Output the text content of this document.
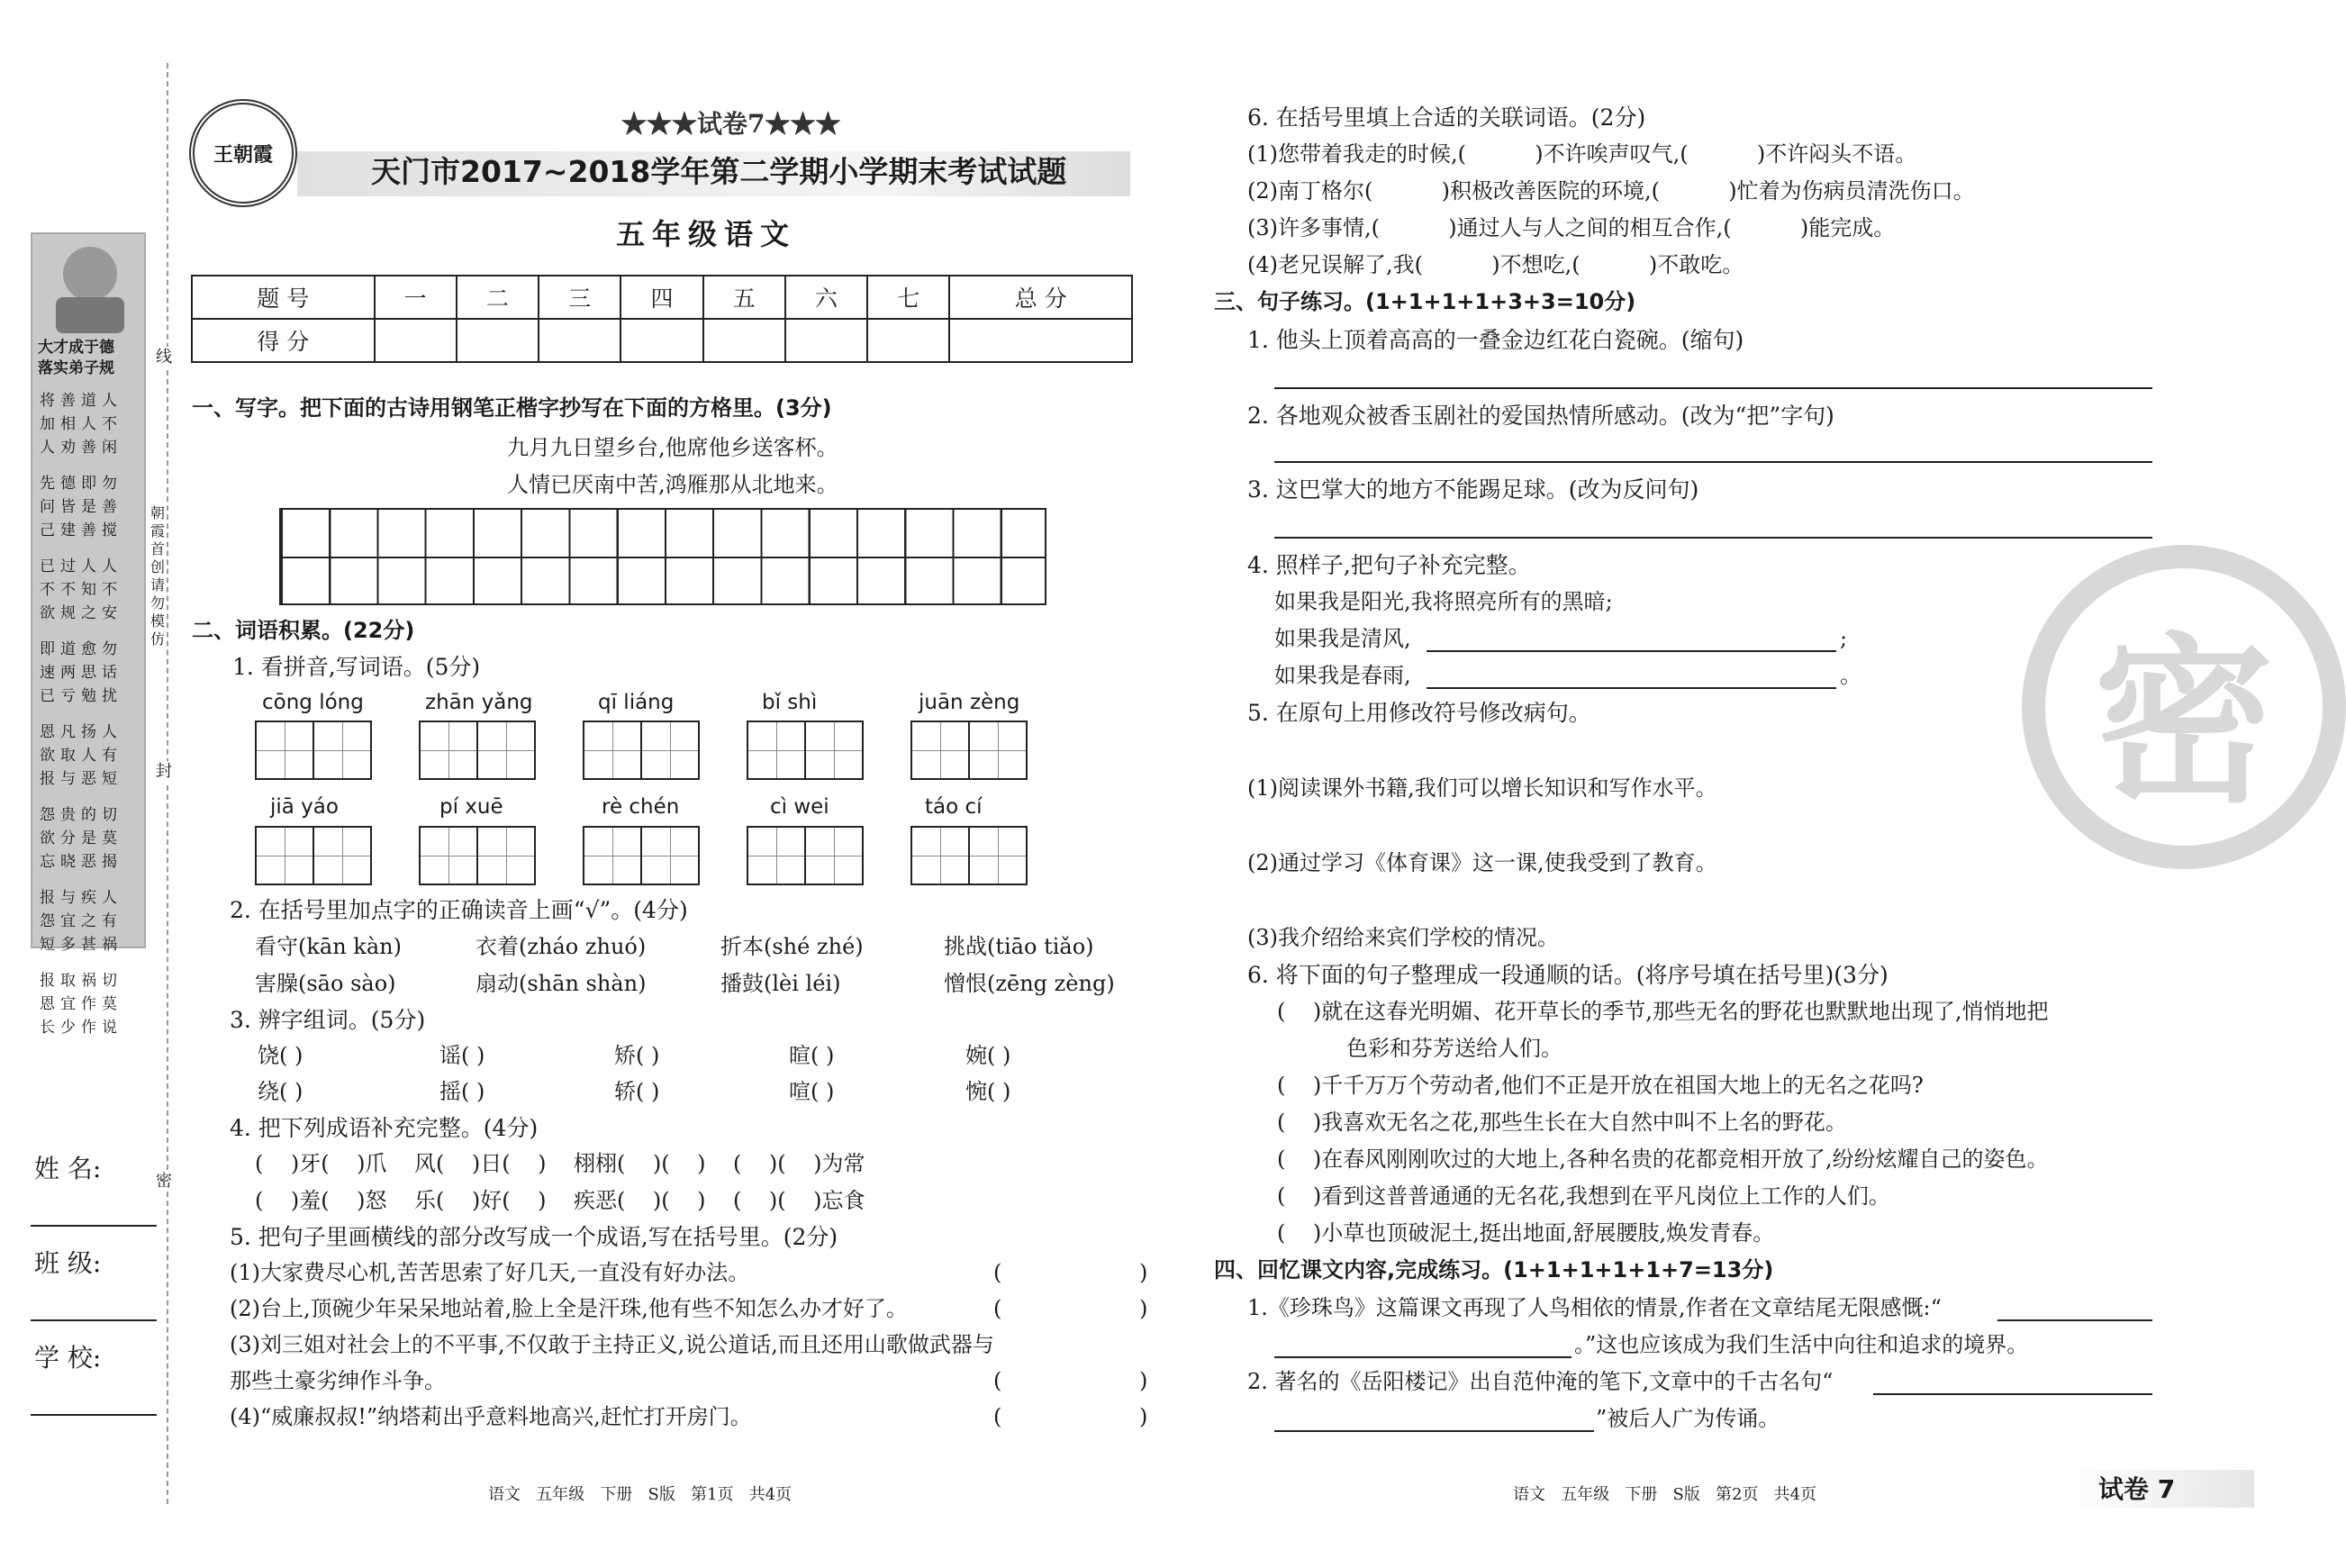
大才成于德
落实弟子规
将善道人
加相人不
人劝善闲
先德即勿
问皆是善
己建善搅
已过人人
不不知不
欲规之安
即道愈勿
速两思话
已亏勉扰
恩凡扬人
欲取人有
报与恶短
怨贵的切
欲分是莫
忘晓恶揭
报与疾人
怨宜之有
短多甚祸
报取祸切
恩宜作莫
长少作说
线
封
密
朝霞首创 请勿模仿
姓 名:
班 级:
学 校:
王朝霞
★★★试卷7★★★
天门市2017~2018学年第二学期小学期末考试试题
五年级语文
题 号	一	二	三	四	五	六	七	总 分
得 分								
一、写字。把下面的古诗用钢笔正楷字抄写在下面的方格里。(3分)
九月九日望乡台,他席他乡送客杯。
人情已厌南中苦,鸿雁那从北地来。
二、词语积累。(22分)
1. 看拼音,写词语。(5分)
cōng lóng	zhān yǎng	qī liáng	bǐ shì	juān zèng
jiā yáo	pí xuē	rè chén	cì wei	táo cí
2. 在括号里加点字的正确读音上画“√”。(4分)
看守(kān kàn)	衣着(zháo zhuó)	折本(shé zhé)	挑战(tiāo tiǎo)
害臊(sāo sào)	扇动(shān shàn)	播鼓(lèi léi)	憎恨(zēng zèng)
3. 辨字组词。(5分)
饶( )	谣( )	矫( )	暄( )	婉( )
绕( )	摇( )	轿( )	喧( )	惋( )
4. 把下列成语补充完整。(4分)
(    )牙(    )爪    风(    )日(    )    栩栩(    )(    )    (    )(    )为常
(    )羞(    )怒    乐(    )好(    )    疾恶(    )(    )    (    )(    )忘食
5. 把句子里画横线的部分改写成一个成语,写在括号里。(2分)
(1)大家费尽心机,苦苦思索了好几天,一直没有好办法。	(                    )
(2)台上,顶碗少年呆呆地站着,脸上全是汗珠,他有些不知怎么办才好了。	(                    )
(3)刘三姐对社会上的不平事,不仅敢于主持正义,说公道话,而且还用山歌做武器与
那些土豪劣绅作斗争。	(                    )
(4)“威廉叔叔!”纳塔莉出乎意料地高兴,赶忙打开房门。	(                    )
语文   五年级   下册   S版   第1页   共4页
6. 在括号里填上合适的关联词语。(2分)
(1)您带着我走的时候,(          )不许唉声叹气,(          )不许闷头不语。
(2)南丁格尔(          )积极改善医院的环境,(          )忙着为伤病员清洗伤口。
(3)许多事情,(          )通过人与人之间的相互合作,(          )能完成。
(4)老兄误解了,我(          )不想吃,(          )不敢吃。
三、句子练习。(1+1+1+1+3+3=10分)
1. 他头上顶着高高的一叠金边红花白瓷碗。(缩句)
2. 各地观众被香玉剧社的爱国热情所感动。(改为“把”字句)
3. 这巴掌大的地方不能踢足球。(改为反问句)
4. 照样子,把句子补充完整。
如果我是阳光,我将照亮所有的黑暗;
如果我是清风,	;
如果我是春雨,	。
5. 在原句上用修改符号修改病句。
(1)阅读课外书籍,我们可以增长知识和写作水平。
(2)通过学习《体育课》这一课,使我受到了教育。
(3)我介绍给来宾们学校的情况。
6. 将下面的句子整理成一段通顺的话。(将序号填在括号里)(3分)
(    )就在这春光明媚、花开草长的季节,那些无名的野花也默默地出现了,悄悄地把
色彩和芬芳送给人们。
(    )千千万万个劳动者,他们不正是开放在祖国大地上的无名之花吗?
(    )我喜欢无名之花,那些生长在大自然中叫不上名的野花。
(    )在春风刚刚吹过的大地上,各种名贵的花都竞相开放了,纷纷炫耀自己的姿色。
(    )看到这普普通通的无名花,我想到在平凡岗位上工作的人们。
(    )小草也顶破泥土,挺出地面,舒展腰肢,焕发青春。
四、回忆课文内容,完成练习。(1+1+1+1+1+7=13分)
1.《珍珠鸟》这篇课文再现了人鸟相依的情景,作者在文章结尾无限感慨:“
。”这也应该成为我们生活中向往和追求的境界。
2. 著名的《岳阳楼记》出自范仲淹的笔下,文章中的千古名句“
”被后人广为传诵。
密
语文   五年级   下册   S版   第2页   共4页	试卷 7
